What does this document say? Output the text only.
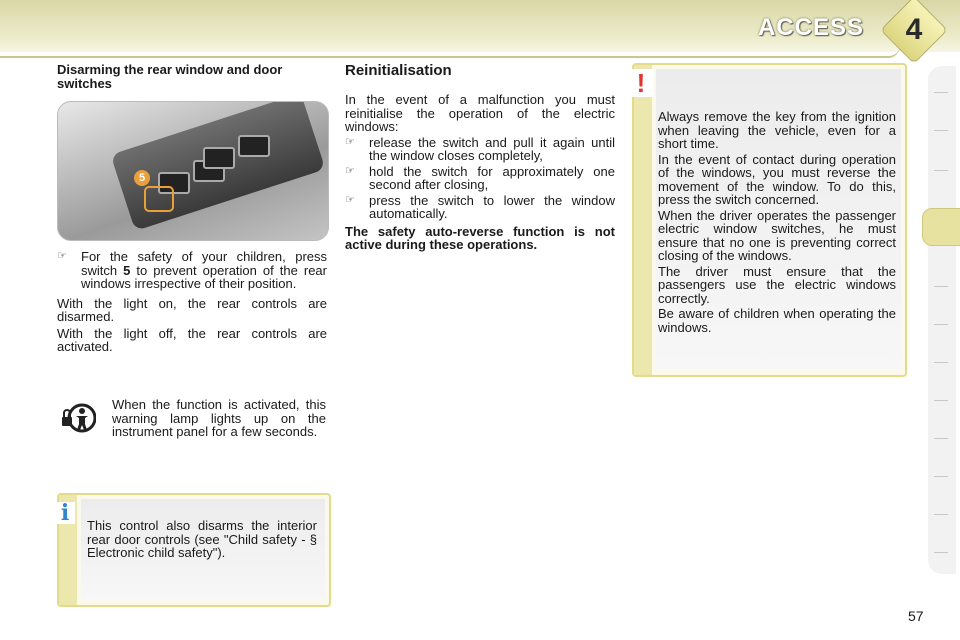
ACCESS	4
Disarming the rear window and door switches
5
☞ For the safety of your children, press switch 5 to prevent operation of the rear windows irrespective of their position.

With the light on, the rear controls are disarmed.

With the light off, the rear controls are activated.

When the function is activated, this warning lamp lights up on the instrument panel for a few seconds.

i	This control also disarms the interior rear door controls (see "Child safety - § Electronic child safety").

Reinitialisation

In the event of a malfunction you must reinitialise the operation of the electric windows:

☞ release the switch and pull it again until the window closes completely,
☞ hold the switch for approximately one second after closing,
☞ press the switch to lower the window automatically.

The safety auto-reverse function is not active during these operations.

!

Always remove the key from the ignition when leaving the vehicle, even for a short time.

In the event of contact during operation of the windows, you must reverse the movement of the window. To do this, press the switch concerned.

When the driver operates the passenger electric window switches, he must ensure that no one is preventing correct closing of the windows.

The driver must ensure that the passengers use the electric windows correctly.

Be aware of children when operating the windows.

57
